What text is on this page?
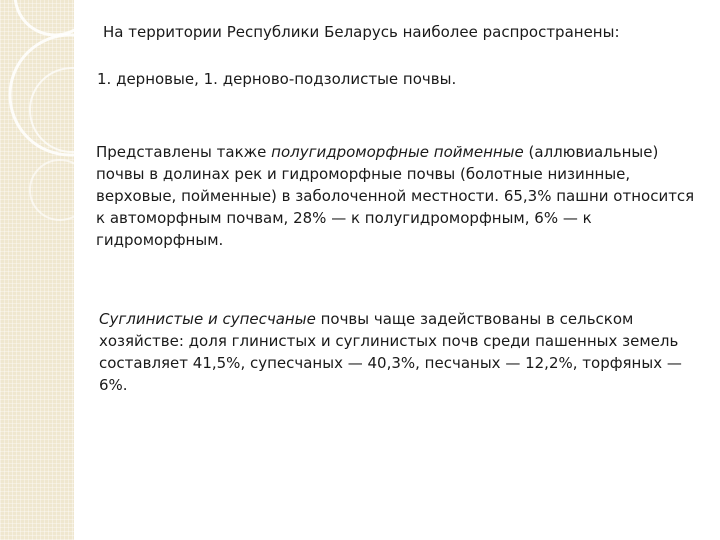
На территории Республики Беларусь наиболее распространены:
1. дерновые, 1. дерново-подзолистые почвы.
Представлены также полугидроморфные пойменные (аллювиальные) почвы в долинах рек и гидроморфные почвы (болотные низинные, верховые, пойменные) в заболоченной местности. 65,3% пашни относится к автоморфным почвам, 28% — к полугидроморфным, 6% — к гидроморфным.
Суглинистые и супесчаные почвы чаще задействованы в сельском хозяйстве: доля глинистых и суглинистых почв среди пашенных земель составляет 41,5%, супесчаных — 40,3%, песчаных — 12,2%, торфяных — 6%.
